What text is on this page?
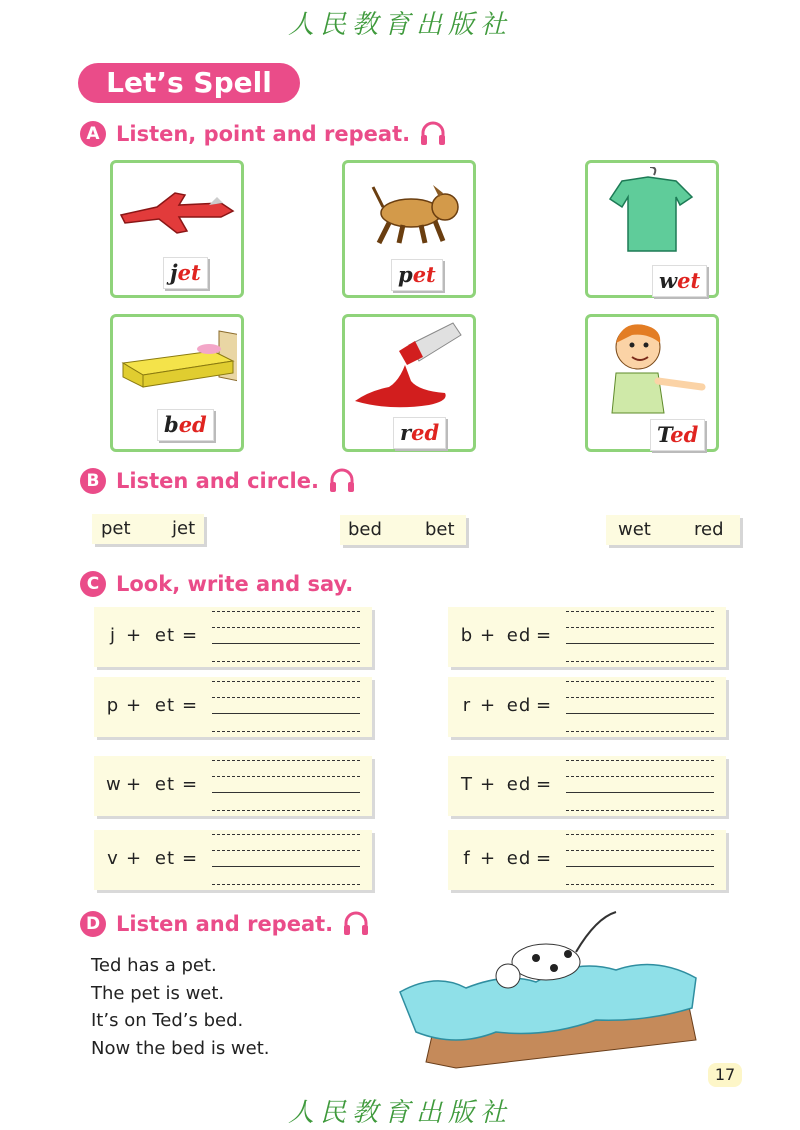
人民教育出版社
Let’s Spell
A Listen, point and repeat.
jet	pet	wet
bed	red	Ted
B Listen and circle.
pet jet	bed bet	wet red
C Look, write and say.
j + et =	b + ed =
p + et =	r + ed =
w + et =	T + ed =
v + et =	f + ed =
D Listen and repeat.
Ted has a pet.
The pet is wet.
It’s on Ted’s bed.
Now the bed is wet.
17
人民教育出版社
